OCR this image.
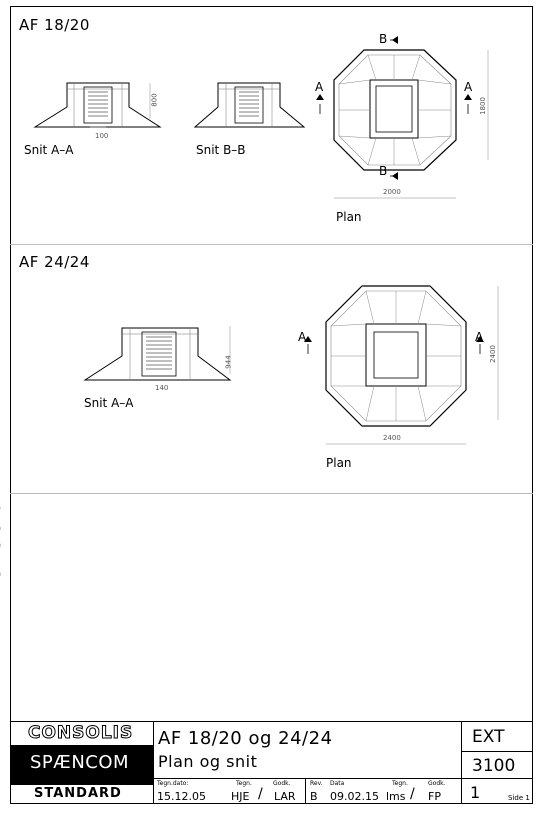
AF 18/20
800
100
Snit A–A	Snit B–B
A	A
B
B
1800
2000
Plan
AF 24/24
944
140
Snit A–A
A	A
2400
2400
Plan
CONSOLIS
SPÆNCOM
STANDARD
AF 18/20 og 24/24
Plan og snit
EXT
3100
1	Side 1
Tegn.dato:	Tegn.	Godk.
15.12.05 HJE / LAR
Rev. Data	Tegn.	Godk.
B 09.02.15 lms / FP
